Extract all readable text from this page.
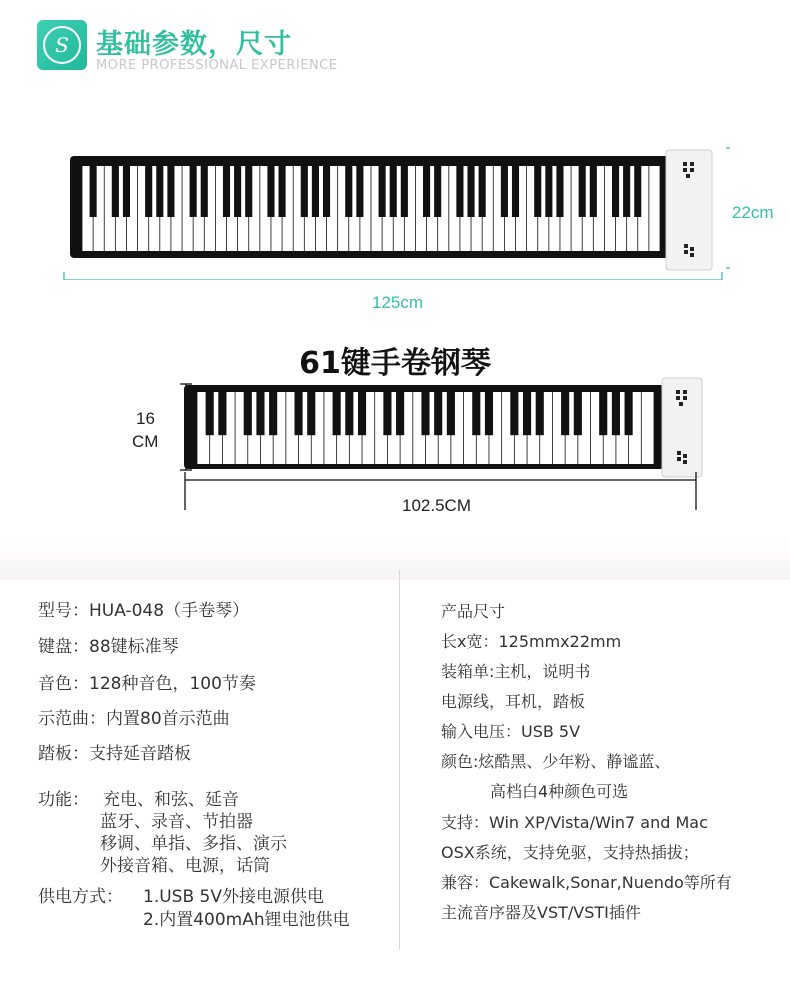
S	基础参数，尺寸
MORE PROFESSIONAL EXPERIENCE
125cm
22cm
61键手卷钢琴
102.5CM
16
CM
型号：HUA-048（手卷琴）
键盘：88键标准琴
音色：128种音色，100节奏
示范曲：内置80首示范曲
踏板：支持延音踏板
功能： 充电、和弦、延音
蓝牙、录音、节拍器
移调、单指、多指、演示
外接音箱、电源，话筒
供电方式： 1.USB 5V外接电源供电
2.内置400mAh锂电池供电
产品尺寸
长x宽：125mmx22mm
装箱单:主机，说明书
电源线，耳机，踏板
输入电压：USB 5V
颜色:炫酷黑、少年粉、静谧蓝、
高档白4种颜色可选
支持：Win XP/Vista/Win7 and Mac
OSX系统，支持免驱，支持热插拔；
兼容：Cakewalk,Sonar,Nuendo等所有
主流音序器及VST/VSTI插件
